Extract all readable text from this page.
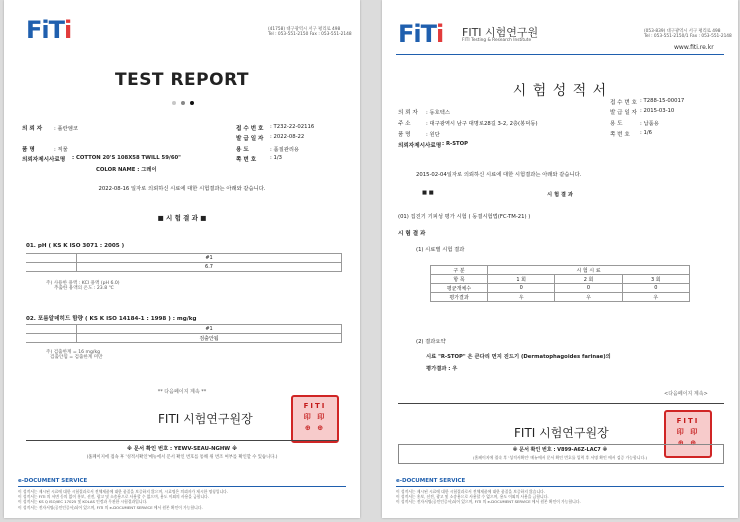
FiTi	(41758) 대구광역시 서구 평리로 498
Tel : 053-551-2150 Fax : 053-551-2148
TEST REPORT
의 뢰 자 : 플란엠코
품 명	: 직물
의뢰자제시사료명 : COTTON 20'S 108X58 TWILL 59/60"
COLOR NAME : 그레이
접 수 번 호 : T232-22-02116
발 급 일 자 : 2022-08-22
용 도	: 품질관리용
쪽 번 호	: 1/3
2022-08-16 일자로 의뢰하신 시료에 대한 시험결과는 아래와 같습니다.
■ 시 험 결 과 ■
01. pH ( KS K ISO 3071 : 2005 )
	#1
	6.7
주) 사용한 용액 : KCl 용액 (pH 6.0)
추출한 용액의 온도 : 23.8 ℃
02. 포름알데히드 함량 ( KS K ISO 14184-1 : 1998 ) : mg/kg
	#1
	검출안됨
주) 검출한계 = 16 mg/kg
검출안됨 = 검출한계 미만
** 다음페이지 계속 **
FITI 시험연구원장
FITI
印 印
⊕ ⊕
※ 문서 확인 번호 : YEWV-SEAU-NGHW ※
(홈페이지에 접속 후 '성적서확인'메뉴에서 문서 확인 번호를 통해 위 번조 여부를 확인할 수 있습니다.)
e-DOCUMENT SERVICE
이 성적서는 제시된 시료에 대한 시험결과로서 전체제품에 대한 품질을 보증하지 않으며, 시료명은 의뢰자가 제시한 명칭입니다.
이 성적서는 FITI 의 서면 동의 없이 홍보, 선전, 광고 및 소송용으로 사용할 수 없으며, 용도 이외의 사용을 금합니다.
이 성적서는 KS Q ISO/IEC 17025 및 KOLAS 인정과 무관한 시험결과입니다.
이 성적서는 전자서명(공인인증서)되어 있으며, FITI 의 e-DOCUMENT SERVICE 에서 원본 확인이 가능합니다.
FiTi FITI 시험연구원
FITI Testing & Research Institute
(053-839) 대구광역시 서구 평리로 498
Tel : 053-551-2150/1 Fax : 053-551-2148
www.fiti.re.kr
시 험 성 적 서
의 뢰 자 : 동호텍스
주 소	: 대구광역시 남구 대명로28길 3-2, 2층(봉덕동)
품 명	: 원단
의뢰자제시사료명 : R-STOP
접 수 번 호 : T288-15-00017
발 급 일 자 : 2015-03-10
용 도	: 납품용
쪽 번 호 : 1/6
2015-02-04일자로 의뢰하신 시료에 대한 시험결과는 아래와 같습니다.
■ ■	시 험 결 과
(01) 집진기 기피성 평가 시험 ( 동결시험법(FC-TM-21) )
시 험 결 과
(1) 시료별 시험 결과
구 분	시 험 시 료		
항 목	1 회	2 회	3 회
평균개체수	0	0	0
평가결과	우	우	우
(2) 결과요약
시료 "R-STOP" 은 큰다리 먼지 진드기 (Dermatophagoides farinae)의
평가결과 : 우
<다음페이지 계속>
FITI 시험연구원장
FITI
印 印
⊕ ⊕
※ 문서 확인 번호 : V899-A6Z-LAC7 ※
(홈페이지에 접속 후 '성적서확인' 메뉴에서 문서 확인 번호를 입력 후 서명 확인 에서 검증 가능합니다.)
e-DOCUMENT SERVICE
이 성적서는 제시된 시료에 대한 시험결과로서 전체제품에 대한 품질을 보증하지 않습니다.
이 성적서는 홍보, 선전, 광고 및 소송용으로 사용할 수 없으며, 용도 이외의 사용을 금합니다.
이 성적서는 전자서명(공인인증서)되어 있으며, FITI 의 e-DOCUMENT SERVICE 에서 원본 확인이 가능합니다.
